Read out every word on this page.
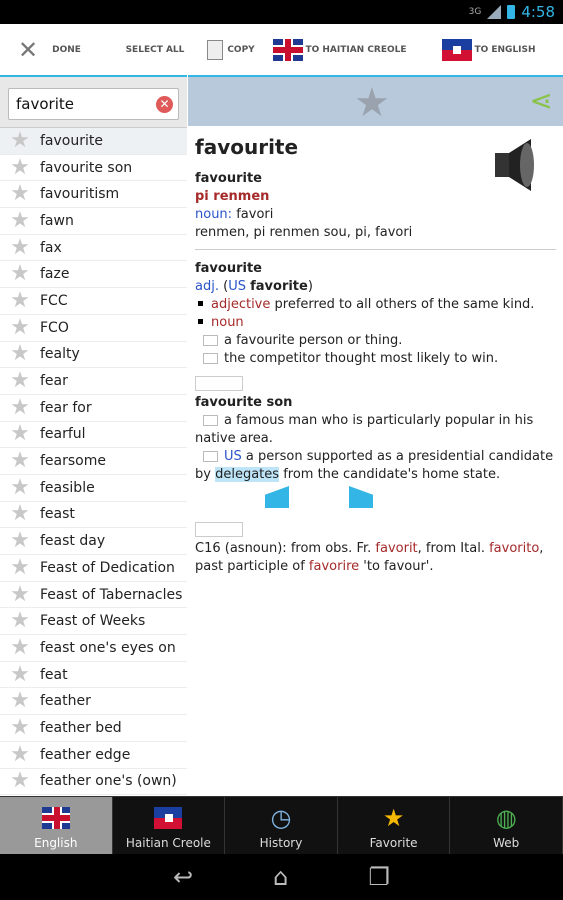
3G	4:58
✕ DONE	SELECT ALL	COPY	TO HAITIAN CREOLE	TO ENGLISH
favorite	✕
★ favourite
★ favourite son
★ favouritism
★ fawn
★ fax
★ faze
★ FCC
★ FCO
★ fealty
★ fear
★ fear for
★ fearful
★ fearsome
★ feasible
★ feast
★ feast day
★ Feast of Dedication
★ Feast of Tabernacles
★ Feast of Weeks
★ feast one's eyes on
★ feat
★ feather
★ feather bed
★ feather edge
★ feather one's (own)
★	⋖
favourite
favourite
pi renmen
noun: favori
renmen, pi renmen sou, pi, favori
favourite
adj. (US favorite)
adjective preferred to all others of the same kind.
noun
a favourite person or thing.
the competitor thought most likely to win.
favourite son
a famous man who is particularly popular in his native area.
US a person supported as a presidential candidate by delegates from the candidate's home state.
C16 (asnoun): from obs. Fr. favorit, from Ital. favorito, past participle of favorire 'to favour'.
English	Haitian Creole
◷
History
★
Favorite
◍
Web
↩	⌂	❐
